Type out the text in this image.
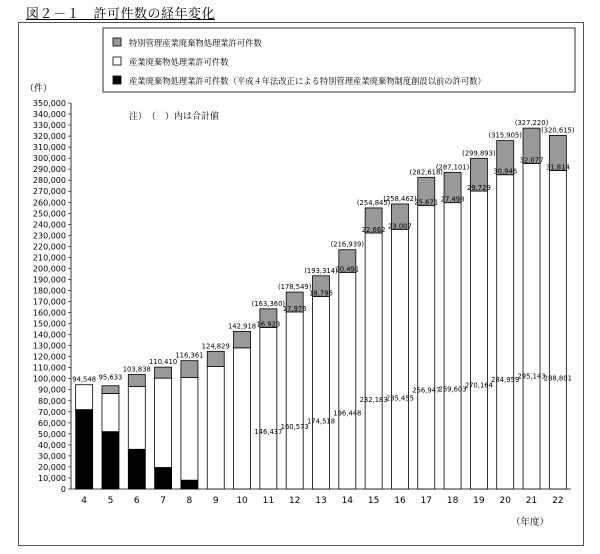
図２－１　許可件数の経年変化
特別管理産業廃棄物処理業許可件数
産業廃棄物処理業許可件数
産業廃棄物処理業許可件数（平成４年法改正による特別管理産業廃棄物制度創設以前の許可数）
（件）
（年度）
注）　（　）内は合計値
0
10,000
20,000
30,000
40,000
50,000
60,000
70,000
80,000
90,000
100,000
110,000
120,000
130,000
140,000
150,000
160,000
170,000
180,000
190,000
200,000
210,000
220,000
230,000
240,000
250,000
260,000
270,000
280,000
290,000
300,000
310,000
320,000
330,000
340,000
350,000
4
94,548
5
95,633
6
103,838
7
110,410
8
116,361
9
124,829
10
142,918
11
(163,360)
12
(178,549)
13
(193,314)
14
(216,939)
15
(254,845)
16
(258,462)
17
(282,618)
18
(287,101)
19
(299,893)
20
(315,905)
21
(327,220)
22
(320,615)
16,923
146,437
17,976
160,573
18,796
174,518
20,491
196,448
22,662
232,183
23,007
235,455
25,671
256,947
27,498
259,603
29,729
270,164
30,946
284,959
32,077
295,143
31,814
288,801
